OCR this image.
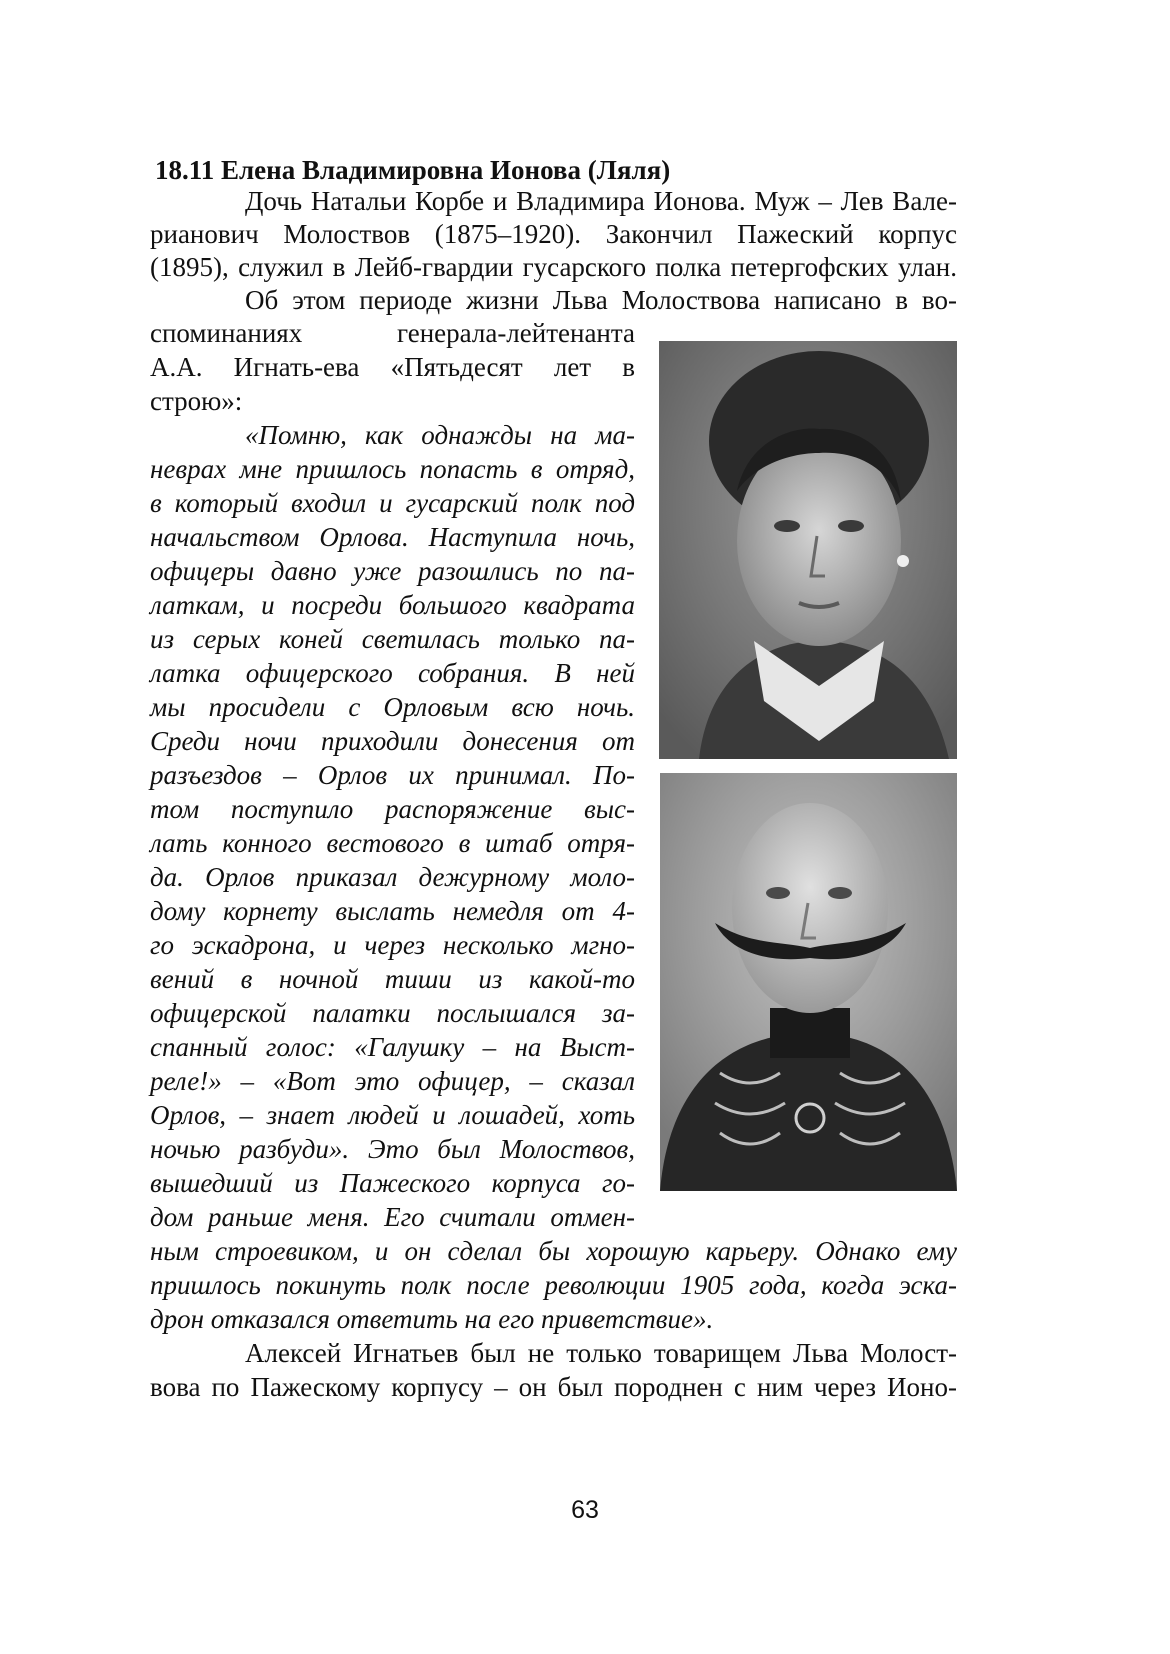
18.11 Елена Владимировна Ионова (Ляля)

Дочь Натальи Корбе и Владимира Ионова. Муж – Лев Вале-

рианович Молоствов (1875–1920). Закончил Пажеский корпус

(1895), служил в Лейб-гвардии гусарского полка петергофских улан.

Об этом периоде жизни Льва Молоствова написано в во-

споминаниях генерала-лейтенанта

А.А. Игнать-ева «Пятьдесят лет в

строю»:

«Помню, как однажды на ма-

неврах мне пришлось попасть в отряд,

в который входил и гусарский полк под

начальством Орлова. Наступила ночь,

офицеры давно уже разошлись по па-

латкам, и посреди большого квадрата

из серых коней светилась только па-

латка офицерского собрания. В ней

мы просидели с Орловым всю ночь.

Среди ночи приходили донесения от

разъездов – Орлов их принимал. По-

том поступило распоряжение выс-

лать конного вестового в штаб отря-

да. Орлов приказал дежурному моло-

дому корнету выслать немедля от 4-

го эскадрона, и через несколько мгно-

вений в ночной тиши из какой-то

офицерской палатки послышался за-

спанный голос: «Галушку – на Выст-

реле!» – «Вот это офицер, – сказал

Орлов, – знает людей и лошадей, хоть

ночью разбуди». Это был Молоствов,

вышедший из Пажеского корпуса го-

дом раньше меня. Его считали отмен-

ным строевиком, и он сделал бы хорошую карьеру. Однако ему

пришлось покинуть полк после революции 1905 года, когда эска-

дрон отказался ответить на его приветствие».

Алексей Игнатьев был не только товарищем Льва Молост-

вова по Пажескому корпусу – он был породнен с ним через Ионо-

63
